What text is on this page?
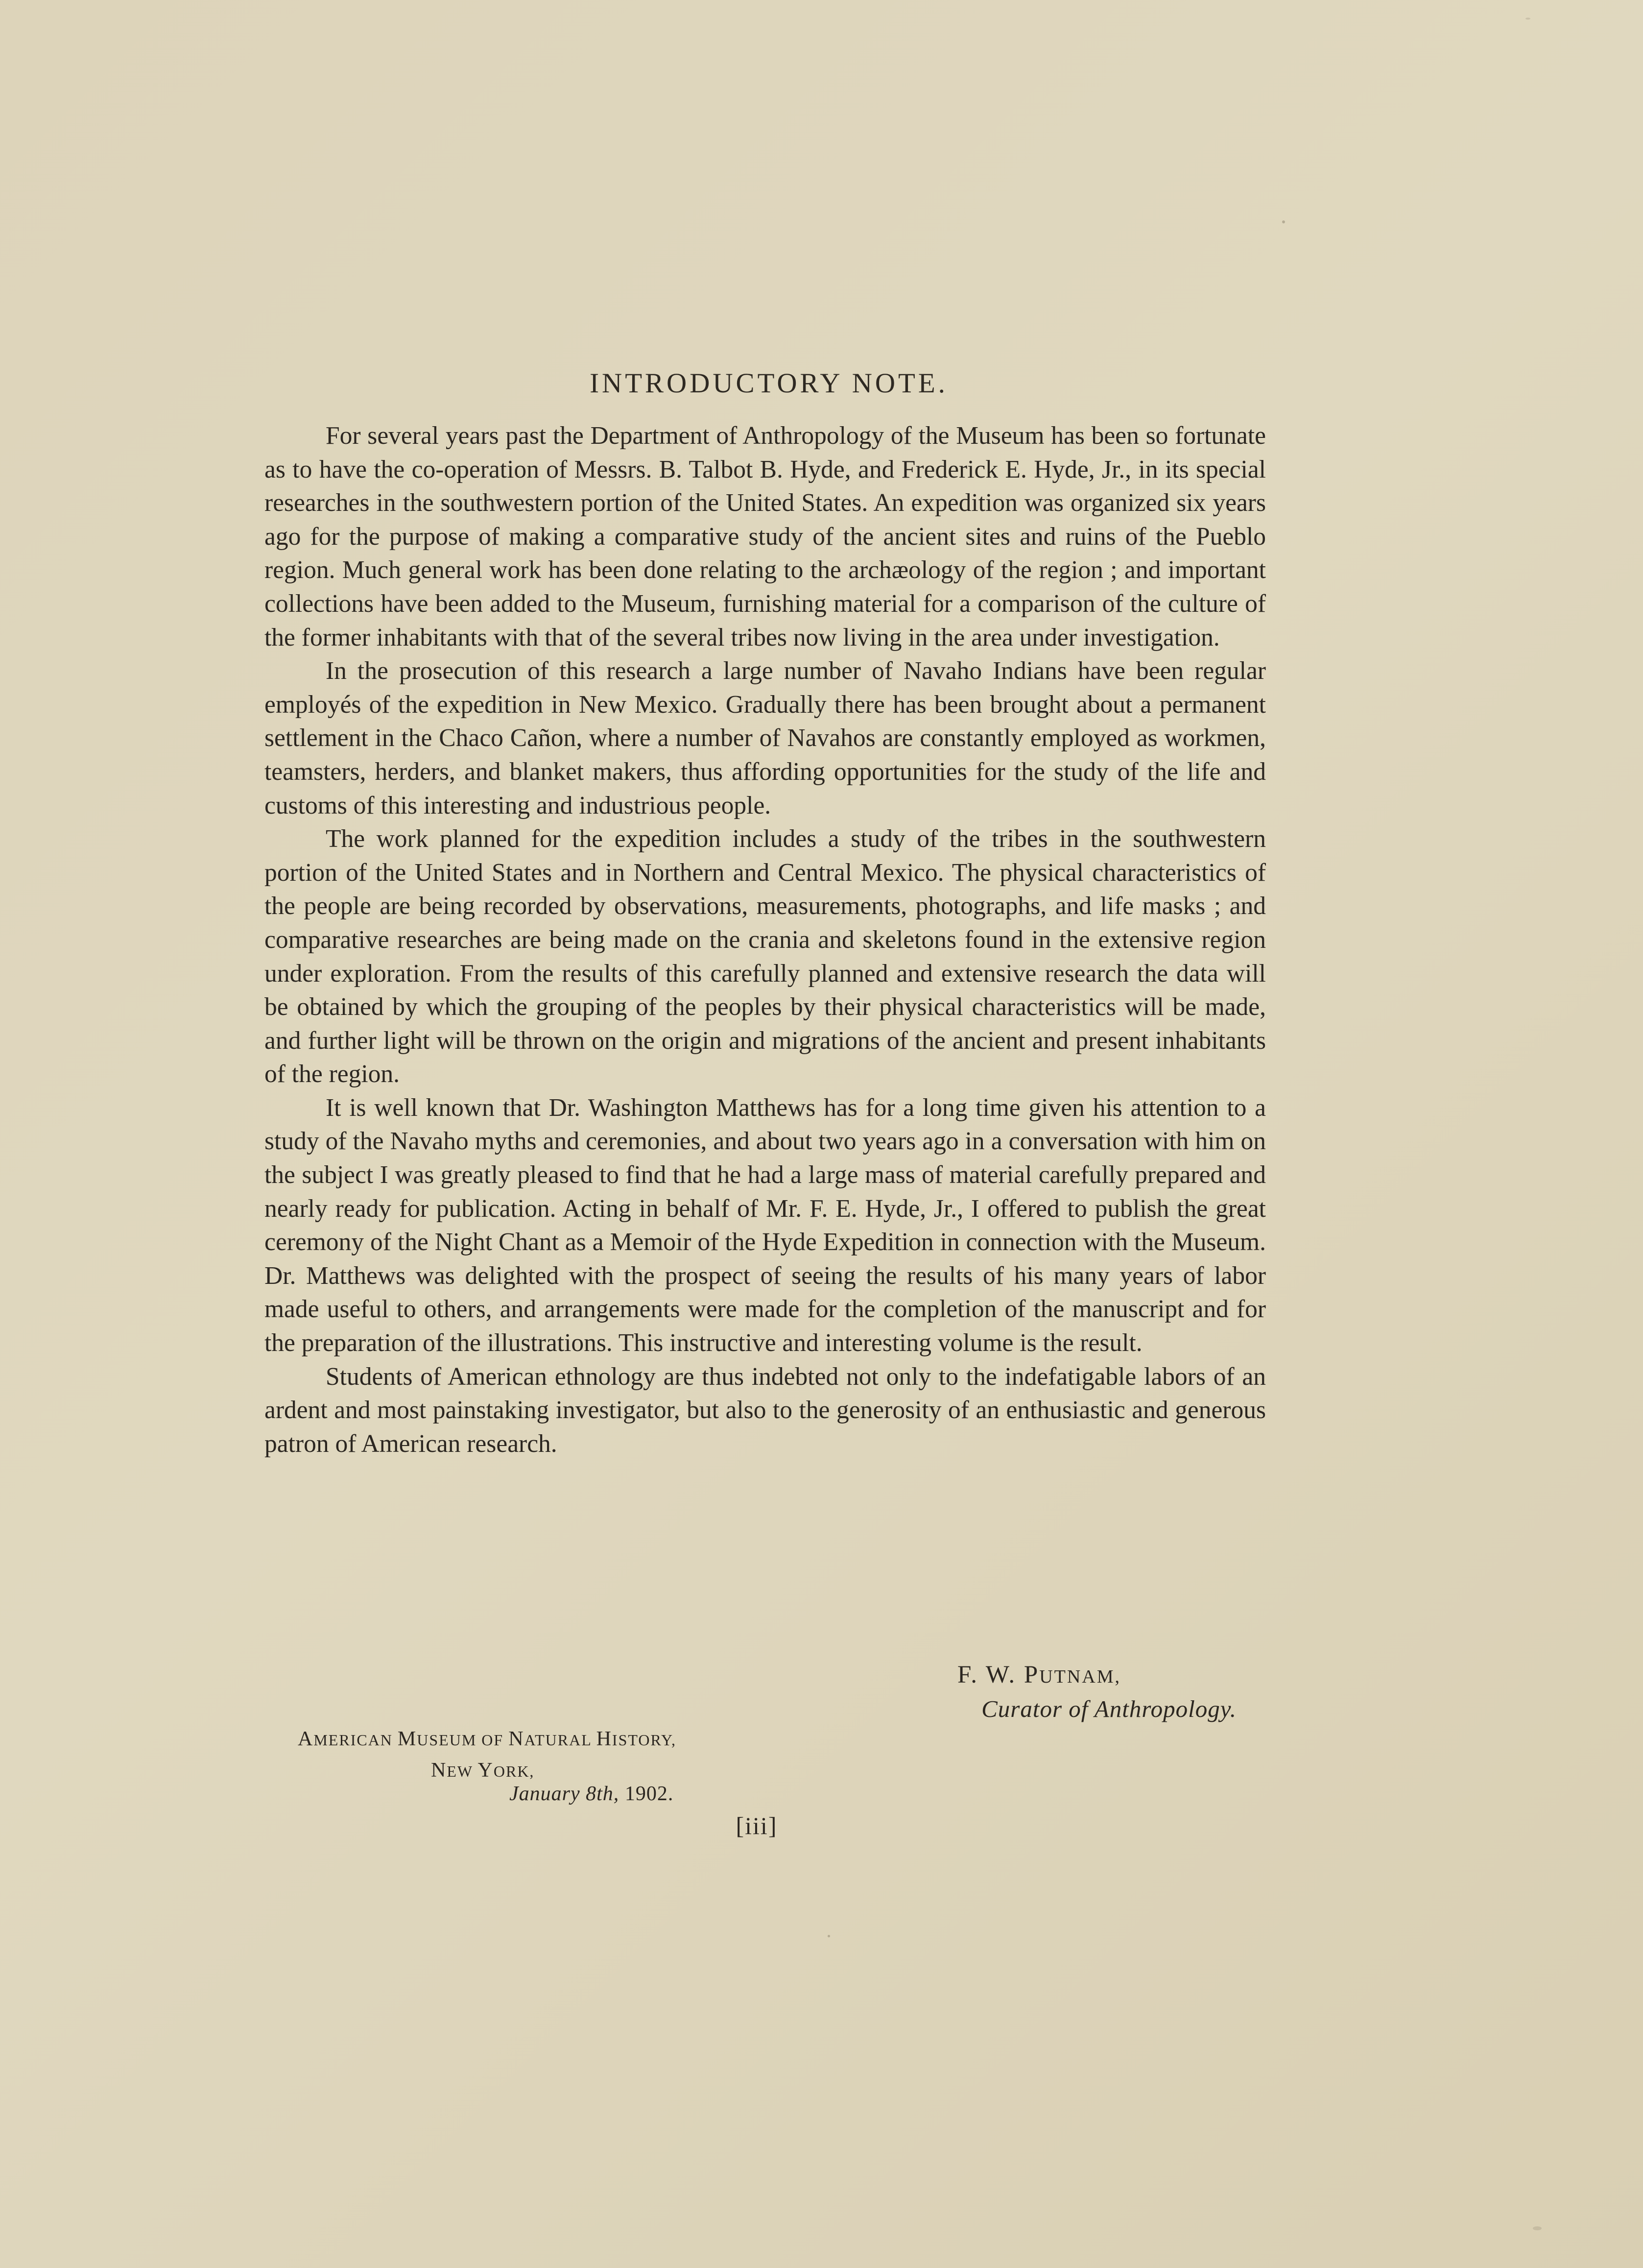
INTRODUCTORY NOTE.

For several years past the Department of Anthropology of the Museum has been so fortunate as to have the co-operation of Messrs. B. Talbot B. Hyde, and Frederick E. Hyde, Jr., in its special researches in the southwestern portion of the United States. An expedition was organized six years ago for the purpose of making a comparative study of the ancient sites and ruins of the Pueblo region. Much general work has been done relating to the archæology of the region ; and important collections have been added to the Museum, furnishing material for a comparison of the culture of the former inhabitants with that of the several tribes now living in the area under investigation.

In the prosecution of this research a large number of Navaho Indians have been regular employés of the expedition in New Mexico. Gradually there has been brought about a permanent settlement in the Chaco Cañon, where a number of Navahos are constantly employed as workmen, teamsters, herders, and blanket makers, thus affording opportunities for the study of the life and customs of this interesting and industrious people.

The work planned for the expedition includes a study of the tribes in the southwestern portion of the United States and in Northern and Central Mexico. The physical characteristics of the people are being recorded by observations, measurements, photographs, and life masks ; and comparative researches are being made on the crania and skeletons found in the extensive region under exploration. From the results of this carefully planned and extensive research the data will be obtained by which the grouping of the peoples by their physical characteristics will be made, and further light will be thrown on the origin and migrations of the ancient and present inhabitants of the region.

It is well known that Dr. Washington Matthews has for a long time given his attention to a study of the Navaho myths and ceremonies, and about two years ago in a conversation with him on the subject I was greatly pleased to find that he had a large mass of material carefully prepared and nearly ready for publication. Acting in behalf of Mr. F. E. Hyde, Jr., I offered to publish the great ceremony of the Night Chant as a Memoir of the Hyde Expedition in connection with the Museum. Dr. Matthews was delighted with the prospect of seeing the results of his many years of labor made useful to others, and arrangements were made for the completion of the manuscript and for the preparation of the illustrations. This instructive and interesting volume is the result.

Students of American ethnology are thus indebted not only to the indefatigable labors of an ardent and most painstaking investigator, but also to the generosity of an enthusiastic and generous patron of American research.

F. W. PUTNAM,
Curator of Anthropology.
AMERICAN MUSEUM OF NATURAL HISTORY,
NEW YORK,
January 8th, 1902.
[iii]
